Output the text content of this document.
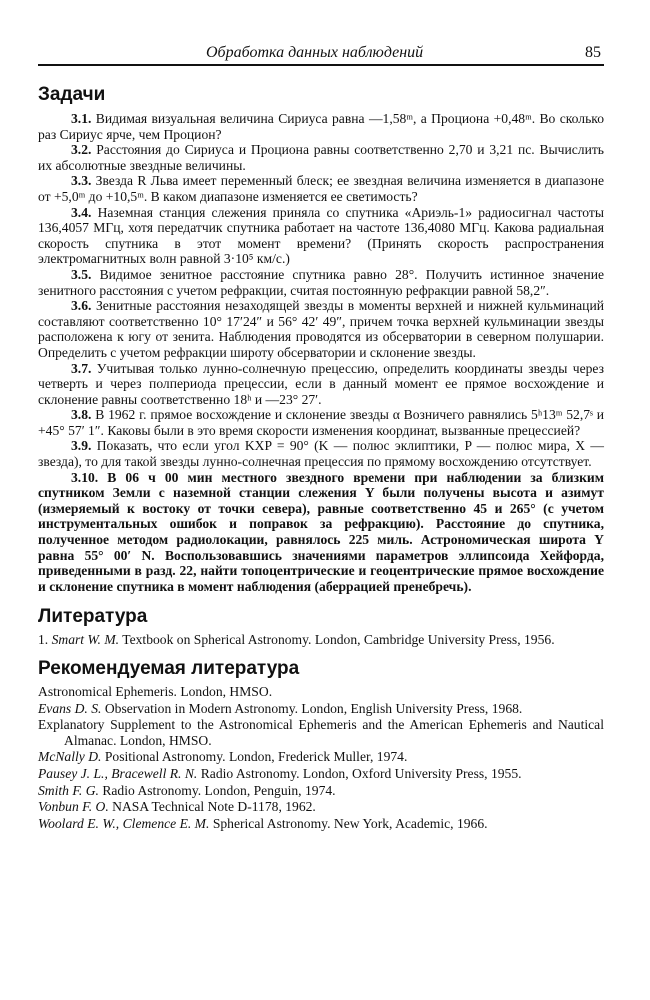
Обработка данных наблюдений	85
Задачи

3.1. Видимая визуальная величина Сириуса равна —1,58ᵐ, а Проциона +0,48ᵐ. Во сколько раз Сириус ярче, чем Процион?

3.2. Расстояния до Сириуса и Проциона равны соответственно 2,70 и 3,21 пс. Вычислить их абсолютные звездные величины.

3.3. Звезда R Льва имеет переменный блеск; ее звездная величина изменяется в диапазоне от +5,0ᵐ до +10,5ᵐ. В каком диапазоне изменяется ее светимость?

3.4. Наземная станция слежения приняла со спутника «Ариэль-1» радиосигнал частоты 136,4057 МГц, хотя передатчик спутника работает на частоте 136,4080 МГц. Какова радиальная скорость спутника в этот момент времени? (Принять скорость распространения электромагнитных волн равной 3·10⁵ км/с.)

3.5. Видимое зенитное расстояние спутника равно 28°. Получить истинное значение зенитного расстояния с учетом рефракции, считая постоянную рефракции равной 58,2″.

3.6. Зенитные расстояния незаходящей звезды в моменты верхней и нижней кульминаций составляют соответственно 10° 17′24″ и 56° 42′ 49″, причем точка верхней кульминации звезды расположена к югу от зенита. Наблюдения проводятся из обсерватории в северном полушарии. Определить с учетом рефракции широту обсерватории и склонение звезды.

3.7. Учитывая только лунно-солнечную прецессию, определить координаты звезды через четверть и через полпериода прецессии, если в данный момент ее прямое восхождение и склонение равны соответственно 18ʰ и —23° 27′.

3.8. В 1962 г. прямое восхождение и склонение звезды α Возничего равнялись 5ʰ13ᵐ 52,7ˢ и +45° 57′ 1″. Каковы были в это время скорости изменения координат, вызванные прецессией?

3.9. Показать, что если угол KXP = 90° (K — полюс эклиптики, P — полюс мира, X — звезда), то для такой звезды лунно-солнечная прецессия по прямому восхождению отсутствует.

3.10. В 06 ч 00 мин местного звездного времени при наблюдении за близким спутником Земли с наземной станции слежения Y были получены высота и азимут (измеряемый к востоку от точки севера), равные соответственно 45 и 265° (с учетом инструментальных ошибок и поправок за рефракцию). Расстояние до спутника, полученное методом радиолокации, равнялось 225 миль. Астрономическая широта Y равна 55° 00′ N. Воспользовавшись значениями параметров эллипсоида Хейфорда, приведенными в разд. 22, найти топоцентрические и геоцентрические прямое восхождение и склонение спутника в момент наблюдения (аберрацией пренебречь).

Литература

1. Smart W. M. Textbook on Spherical Astronomy. London, Cambridge University Press, 1956.

Рекомендуемая литература

Astronomical Ephemeris. London, HMSO.

Evans D. S. Observation in Modern Astronomy. London, English University Press, 1968.

Explanatory Supplement to the Astronomical Ephemeris and the American Ephemeris and Nautical Almanac. London, HMSO.

McNally D. Positional Astronomy. London, Frederick Muller, 1974.

Pausey J. L., Bracewell R. N. Radio Astronomy. London, Oxford University Press, 1955.

Smith F. G. Radio Astronomy. London, Penguin, 1974.

Vonbun F. O. NASA Technical Note D-1178, 1962.

Woolard E. W., Clemence E. M. Spherical Astronomy. New York, Academic, 1966.
